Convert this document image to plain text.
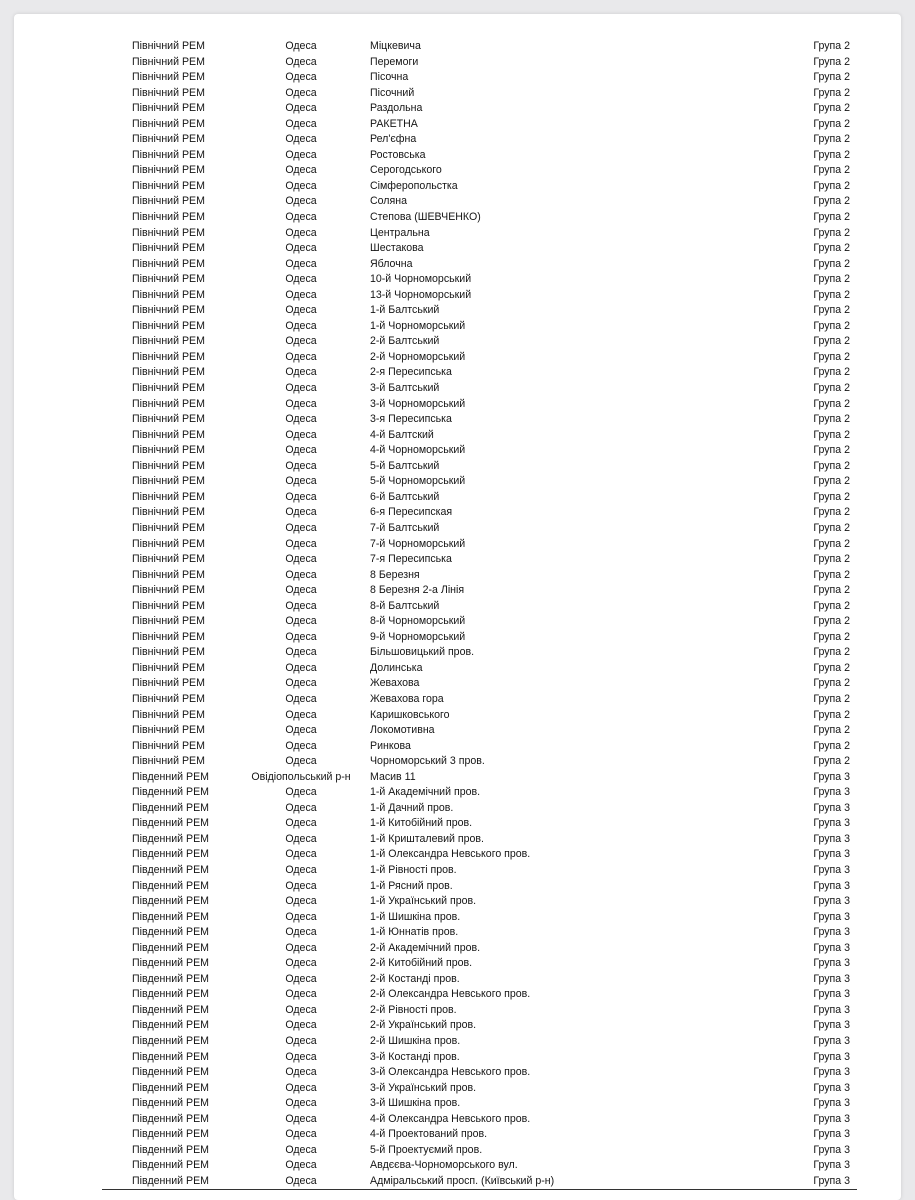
Північний РЕМ	Одеса	Міцкевича	Група 2
Північний РЕМ	Одеса	Перемоги	Група 2
Північний РЕМ	Одеса	Пісочна	Група 2
Північний РЕМ	Одеса	Пісочний	Група 2
Північний РЕМ	Одеса	Раздольна	Група 2
Північний РЕМ	Одеса	РАКЕТНА	Група 2
Північний РЕМ	Одеса	Рел'єфна	Група 2
Північний РЕМ	Одеса	Ростовська	Група 2
Північний РЕМ	Одеса	Серогодського	Група 2
Північний РЕМ	Одеса	Сімферопольстка	Група 2
Північний РЕМ	Одеса	Соляна	Група 2
Північний РЕМ	Одеса	Степова (ШЕВЧЕНКО)	Група 2
Північний РЕМ	Одеса	Центральна	Група 2
Північний РЕМ	Одеса	Шестакова	Група 2
Північний РЕМ	Одеса	Яблочна	Група 2
Північний РЕМ	Одеса	10-й Чорноморський	Група 2
Північний РЕМ	Одеса	13-й Чорноморський	Група 2
Північний РЕМ	Одеса	1-й Балтський	Група 2
Північний РЕМ	Одеса	1-й Чорноморський	Група 2
Північний РЕМ	Одеса	2-й Балтський	Група 2
Північний РЕМ	Одеса	2-й Чорноморський	Група 2
Північний РЕМ	Одеса	2-я Пересипська	Група 2
Північний РЕМ	Одеса	3-й Балтський	Група 2
Північний РЕМ	Одеса	3-й Чорноморський	Група 2
Північний РЕМ	Одеса	3-я Пересипська	Група 2
Північний РЕМ	Одеса	4-й Балтский	Група 2
Північний РЕМ	Одеса	4-й Чорноморський	Група 2
Північний РЕМ	Одеса	5-й Балтський	Група 2
Північний РЕМ	Одеса	5-й Чорноморський	Група 2
Північний РЕМ	Одеса	6-й Балтський	Група 2
Північний РЕМ	Одеса	6-я Пересипская	Група 2
Північний РЕМ	Одеса	7-й Балтський	Група 2
Північний РЕМ	Одеса	7-й Чорноморський	Група 2
Північний РЕМ	Одеса	7-я Пересипська	Група 2
Північний РЕМ	Одеса	8 Березня	Група 2
Північний РЕМ	Одеса	8 Березня 2-а Лінія	Група 2
Північний РЕМ	Одеса	8-й Балтський	Група 2
Північний РЕМ	Одеса	8-й Чорноморський	Група 2
Північний РЕМ	Одеса	9-й Чорноморський	Група 2
Північний РЕМ	Одеса	Більшовицький пров.	Група 2
Північний РЕМ	Одеса	Долинська	Група 2
Північний РЕМ	Одеса	Жевахова	Група 2
Північний РЕМ	Одеса	Жевахова гора	Група 2
Північний РЕМ	Одеса	Каришковського	Група 2
Північний РЕМ	Одеса	Локомотивна	Група 2
Північний РЕМ	Одеса	Ринкова	Група 2
Північний РЕМ	Одеса	Чорноморський 3 пров.	Група 2
Південний РЕМ	Овідіопольський р-н	Масив 11	Група 3
Південний РЕМ	Одеса	1-й Академічний пров.	Група 3
Південний РЕМ	Одеса	1-й Дачний пров.	Група 3
Південний РЕМ	Одеса	1-й Китобійний пров.	Група 3
Південний РЕМ	Одеса	1-й Кришталевий пров.	Група 3
Південний РЕМ	Одеса	1-й Олександра Невського пров.	Група 3
Південний РЕМ	Одеса	1-й Рівності пров.	Група 3
Південний РЕМ	Одеса	1-й Рясний пров.	Група 3
Південний РЕМ	Одеса	1-й Український пров.	Група 3
Південний РЕМ	Одеса	1-й Шишкіна пров.	Група 3
Південний РЕМ	Одеса	1-й Юннатів пров.	Група 3
Південний РЕМ	Одеса	2-й Академічний пров.	Група 3
Південний РЕМ	Одеса	2-й Китобійний пров.	Група 3
Південний РЕМ	Одеса	2-й Костанді пров.	Група 3
Південний РЕМ	Одеса	2-й Олександра Невського пров.	Група 3
Південний РЕМ	Одеса	2-й Рівності пров.	Група 3
Південний РЕМ	Одеса	2-й Український пров.	Група 3
Південний РЕМ	Одеса	2-й Шишкіна пров.	Група 3
Південний РЕМ	Одеса	3-й Костанді пров.	Група 3
Південний РЕМ	Одеса	3-й Олександра Невського пров.	Група 3
Південний РЕМ	Одеса	3-й Український пров.	Група 3
Південний РЕМ	Одеса	3-й Шишкіна пров.	Група 3
Південний РЕМ	Одеса	4-й Олександра Невського пров.	Група 3
Південний РЕМ	Одеса	4-й Проектований пров.	Група 3
Південний РЕМ	Одеса	5-й Проектуємий пров.	Група 3
Південний РЕМ	Одеса	Авдєєва-Чорноморського вул.	Група 3
Південний РЕМ	Одеса	Адміральський просп. (Київський р-н)	Група 3
